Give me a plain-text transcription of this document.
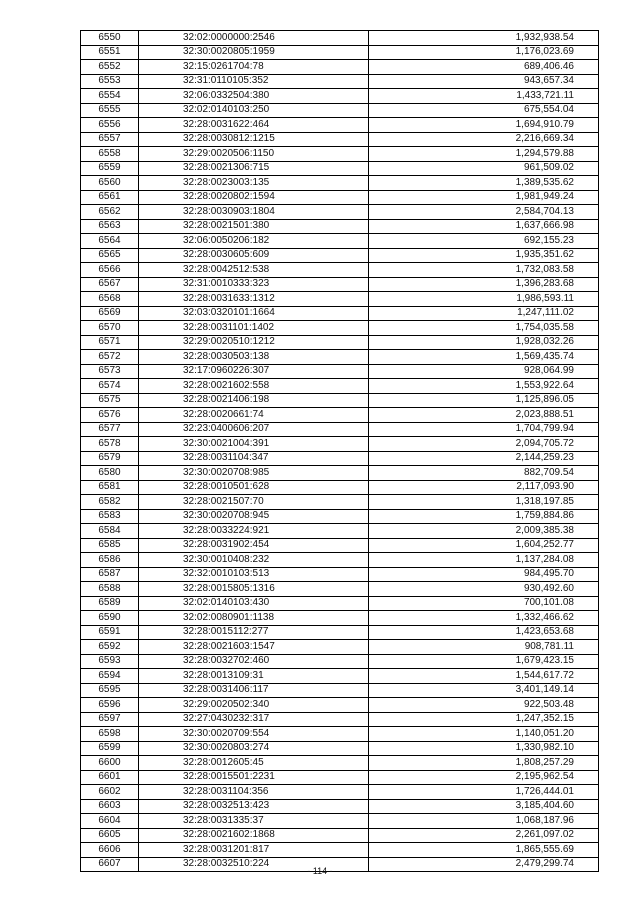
6550	32:02:0000000:2546	1,932,938.54
6551	32:30:0020805:1959	1,176,023.69
6552	32:15:0261704:78	689,406.46
6553	32:31:0110105:352	943,657.34
6554	32:06:0332504:380	1,433,721.11
6555	32:02:0140103:250	675,554.04
6556	32:28:0031622:464	1,694,910.79
6557	32:28:0030812:1215	2,216,669.34
6558	32:29:0020506:1150	1,294,579.88
6559	32:28:0021306:715	961,509.02
6560	32:28:0023003:135	1,389,535.62
6561	32:28:0020802:1594	1,981,949.24
6562	32:28:0030903:1804	2,584,704.13
6563	32:28:0021501:380	1,637,666.98
6564	32:06:0050206:182	692,155.23
6565	32:28:0030605:609	1,935,351.62
6566	32:28:0042512:538	1,732,083.58
6567	32:31:0010333:323	1,396,283.68
6568	32:28:0031633:1312	1,986,593.11
6569	32:03:0320101:1664	1,247,111.02
6570	32:28:0031101:1402	1,754,035.58
6571	32:29:0020510:1212	1,928,032.26
6572	32:28:0030503:138	1,569,435.74
6573	32:17:0960226:307	928,064.99
6574	32:28:0021602:558	1,553,922.64
6575	32:28:0021406:198	1,125,896.05
6576	32:28:0020661:74	2,023,888.51
6577	32:23:0400606:207	1,704,799.94
6578	32:30:0021004:391	2,094,705.72
6579	32:28:0031104:347	2,144,259.23
6580	32:30:0020708:985	882,709.54
6581	32:28:0010501:628	2,117,093.90
6582	32:28:0021507:70	1,318,197.85
6583	32:30:0020708:945	1,759,884.86
6584	32:28:0033224:921	2,009,385.38
6585	32:28:0031902:454	1,604,252.77
6586	32:30:0010408:232	1,137,284.08
6587	32:32:0010103:513	984,495.70
6588	32:28:0015805:1316	930,492.60
6589	32:02:0140103:430	700,101.08
6590	32:02:0080901:1138	1,332,466.62
6591	32:28:0015112:277	1,423,653.68
6592	32:28:0021603:1547	908,781.11
6593	32:28:0032702:460	1,679,423.15
6594	32:28:0013109:31	1,544,617.72
6595	32:28:0031406:117	3,401,149.14
6596	32:29:0020502:340	922,503.48
6597	32:27:0430232:317	1,247,352.15
6598	32:30:0020709:554	1,140,051.20
6599	32:30:0020803:274	1,330,982.10
6600	32:28:0012605:45	1,808,257.29
6601	32:28:0015501:2231	2,195,962.54
6602	32:28:0031104:356	1,726,444.01
6603	32:28:0032513:423	3,185,404.60
6604	32:28:0031335:37	1,068,187.96
6605	32:28:0021602:1868	2,261,097.02
6606	32:28:0031201:817	1,865,555.69
6607	32:28:0032510:224	2,479,299.74
- 114 -
